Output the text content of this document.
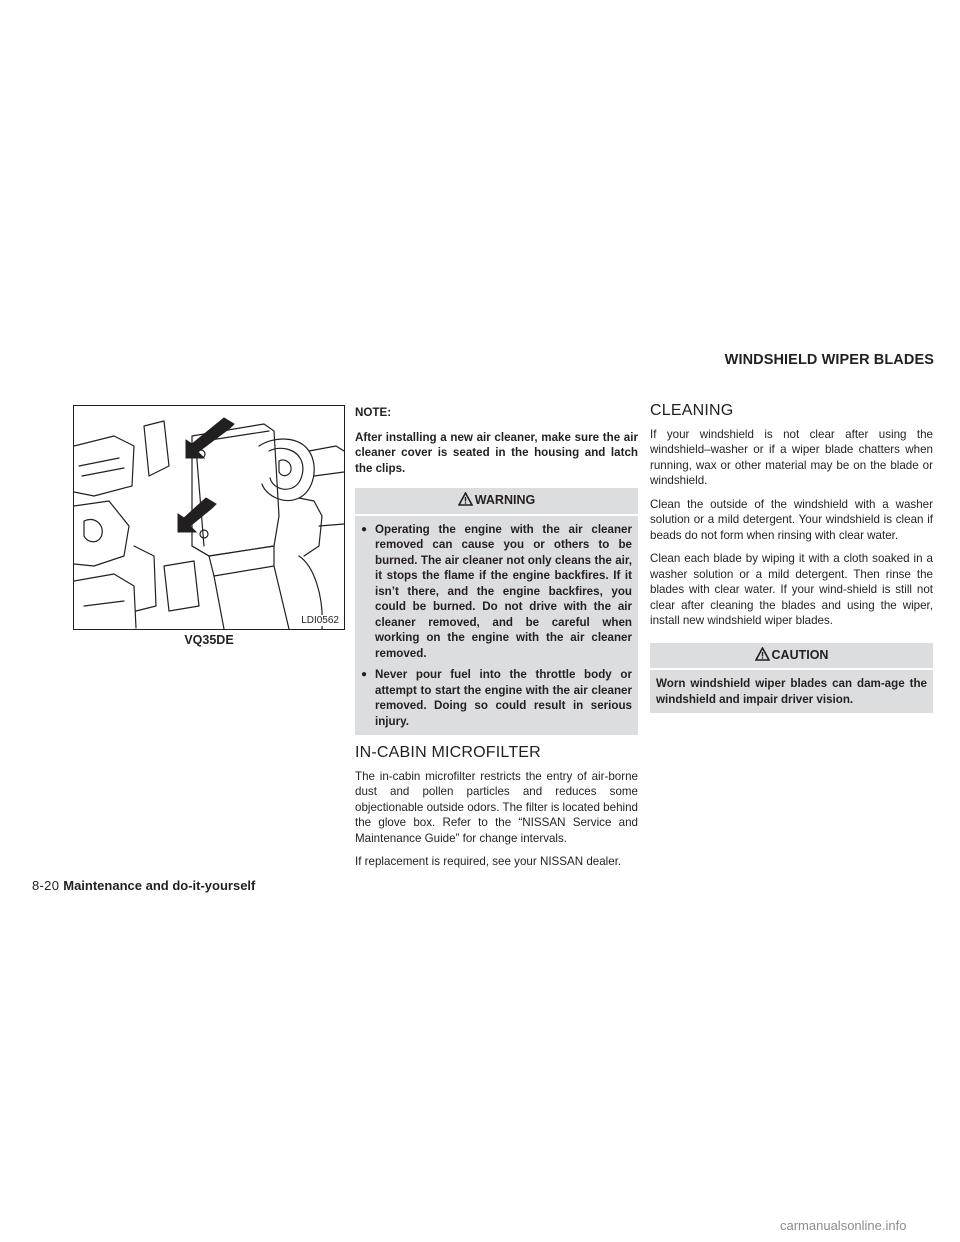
WINDSHIELD WIPER BLADES
LDI0562
VQ35DE

NOTE:

After installing a new air cleaner, make sure the air cleaner cover is seated in the housing and latch the clips.

WARNING
● Operating the engine with the air cleaner removed can cause you or others to be burned. The air cleaner not only cleans the air, it stops the flame if the engine backfires. If it isn’t there, and the engine backfires, you could be burned. Do not drive with the air cleaner removed, and be careful when working on the engine with the air cleaner removed.
● Never pour fuel into the throttle body or attempt to start the engine with the air cleaner removed. Doing so could result in serious injury.
IN-CABIN MICROFILTER

The in-cabin microfilter restricts the entry of air-borne dust and pollen particles and reduces some objectionable outside odors. The filter is located behind the glove box. Refer to the “NISSAN Service and Maintenance Guide” for change intervals.

If replacement is required, see your NISSAN dealer.

CLEANING

If your windshield is not clear after using the windshield–washer or if a wiper blade chatters when running, wax or other material may be on the blade or windshield.

Clean the outside of the windshield with a washer solution or a mild detergent. Your windshield is clean if beads do not form when rinsing with clear water.

Clean each blade by wiping it with a cloth soaked in a washer solution or a mild detergent. Then rinse the blades with clear water. If your wind-shield is still not clear after cleaning the blades and using the wiper, install new windshield wiper blades.

CAUTION
Worn windshield wiper blades can dam-age the windshield and impair driver vision.
8-20 Maintenance and do-it-yourself
carmanualsonline.info
